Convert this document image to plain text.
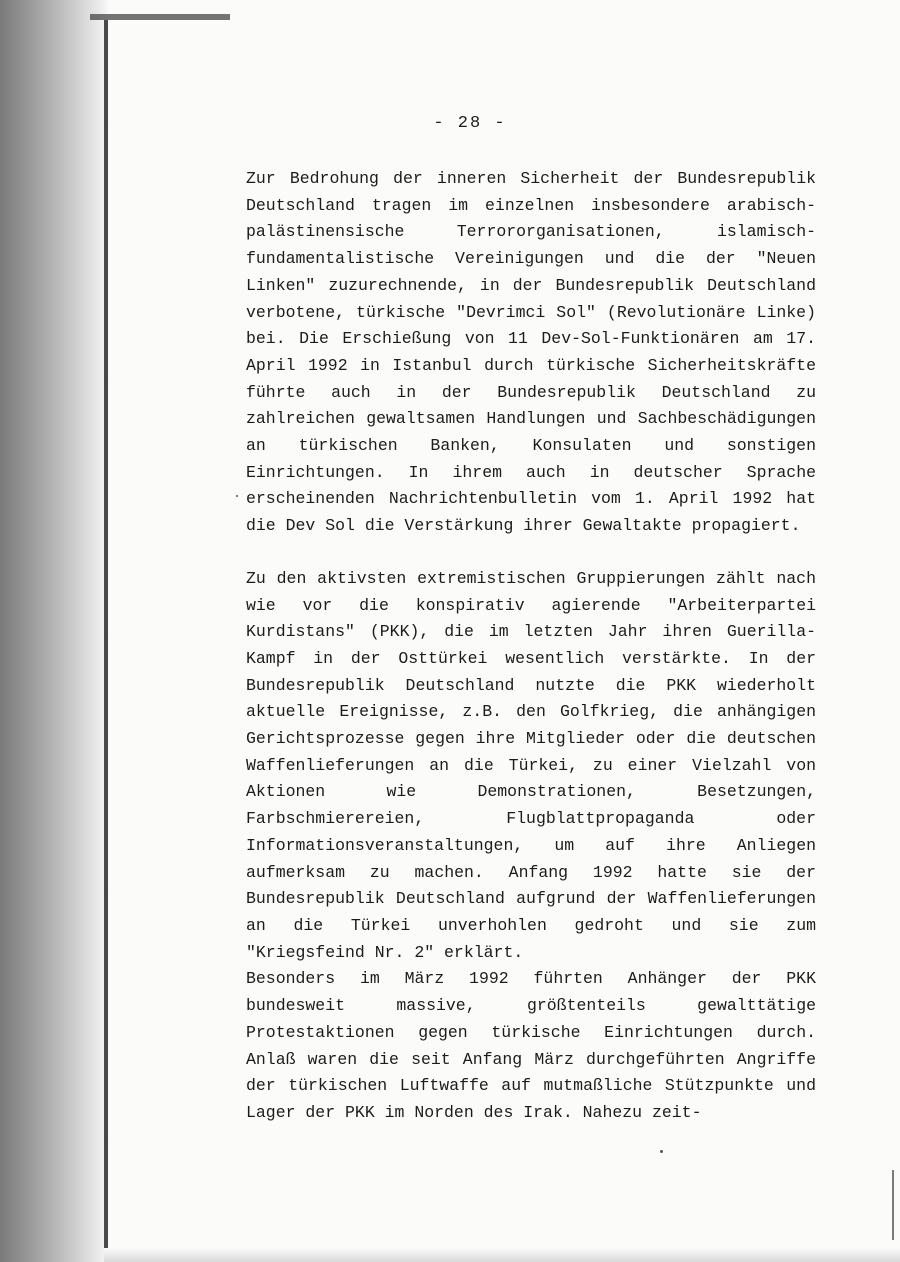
- 28 -

Zur Bedrohung der inneren Sicherheit der Bundesrepublik Deutschland tragen im einzelnen insbesondere arabisch-palästinensische Terrororganisationen, islamisch-fundamentalistische Vereinigungen und die der "Neuen Linken" zuzurechnende, in der Bundesrepublik Deutschland verbotene, türkische "Devrimci Sol" (Revolutionäre Linke) bei. Die Erschießung von 11 Dev-Sol-Funktionären am 17. April 1992 in Istanbul durch türkische Sicherheitskräfte führte auch in der Bundesrepublik Deutschland zu zahlreichen gewaltsamen Handlungen und Sachbeschädigungen an türkischen Banken, Konsulaten und sonstigen Einrichtungen. In ihrem auch in deutscher Sprache erscheinenden Nachrichtenbulletin vom 1. April 1992 hat die Dev Sol die Verstärkung ihrer Gewaltakte propagiert.

Zu den aktivsten extremistischen Gruppierungen zählt nach wie vor die konspirativ agierende "Arbeiterpartei Kurdistans" (PKK), die im letzten Jahr ihren Guerilla-Kampf in der Osttürkei wesentlich verstärkte. In der Bundesrepublik Deutschland nutzte die PKK wiederholt aktuelle Ereignisse, z.B. den Golfkrieg, die anhängigen Gerichtsprozesse gegen ihre Mitglieder oder die deutschen Waffenlieferungen an die Türkei, zu einer Vielzahl von Aktionen wie Demonstrationen, Besetzungen, Farbschmierereien, Flugblattpropaganda oder Informationsveranstaltungen, um auf ihre Anliegen aufmerksam zu machen. Anfang 1992 hatte sie der Bundesrepublik Deutschland aufgrund der Waffenlieferungen an die Türkei unverhohlen gedroht und sie zum "Kriegsfeind Nr. 2" erklärt.

Besonders im März 1992 führten Anhänger der PKK bundesweit massive, größtenteils gewalttätige Protestaktionen gegen türkische Einrichtungen durch. Anlaß waren die seit Anfang März durchgeführten Angriffe der türkischen Luftwaffe auf mutmaßliche Stützpunkte und Lager der PKK im Norden des Irak. Nahezu zeit-
